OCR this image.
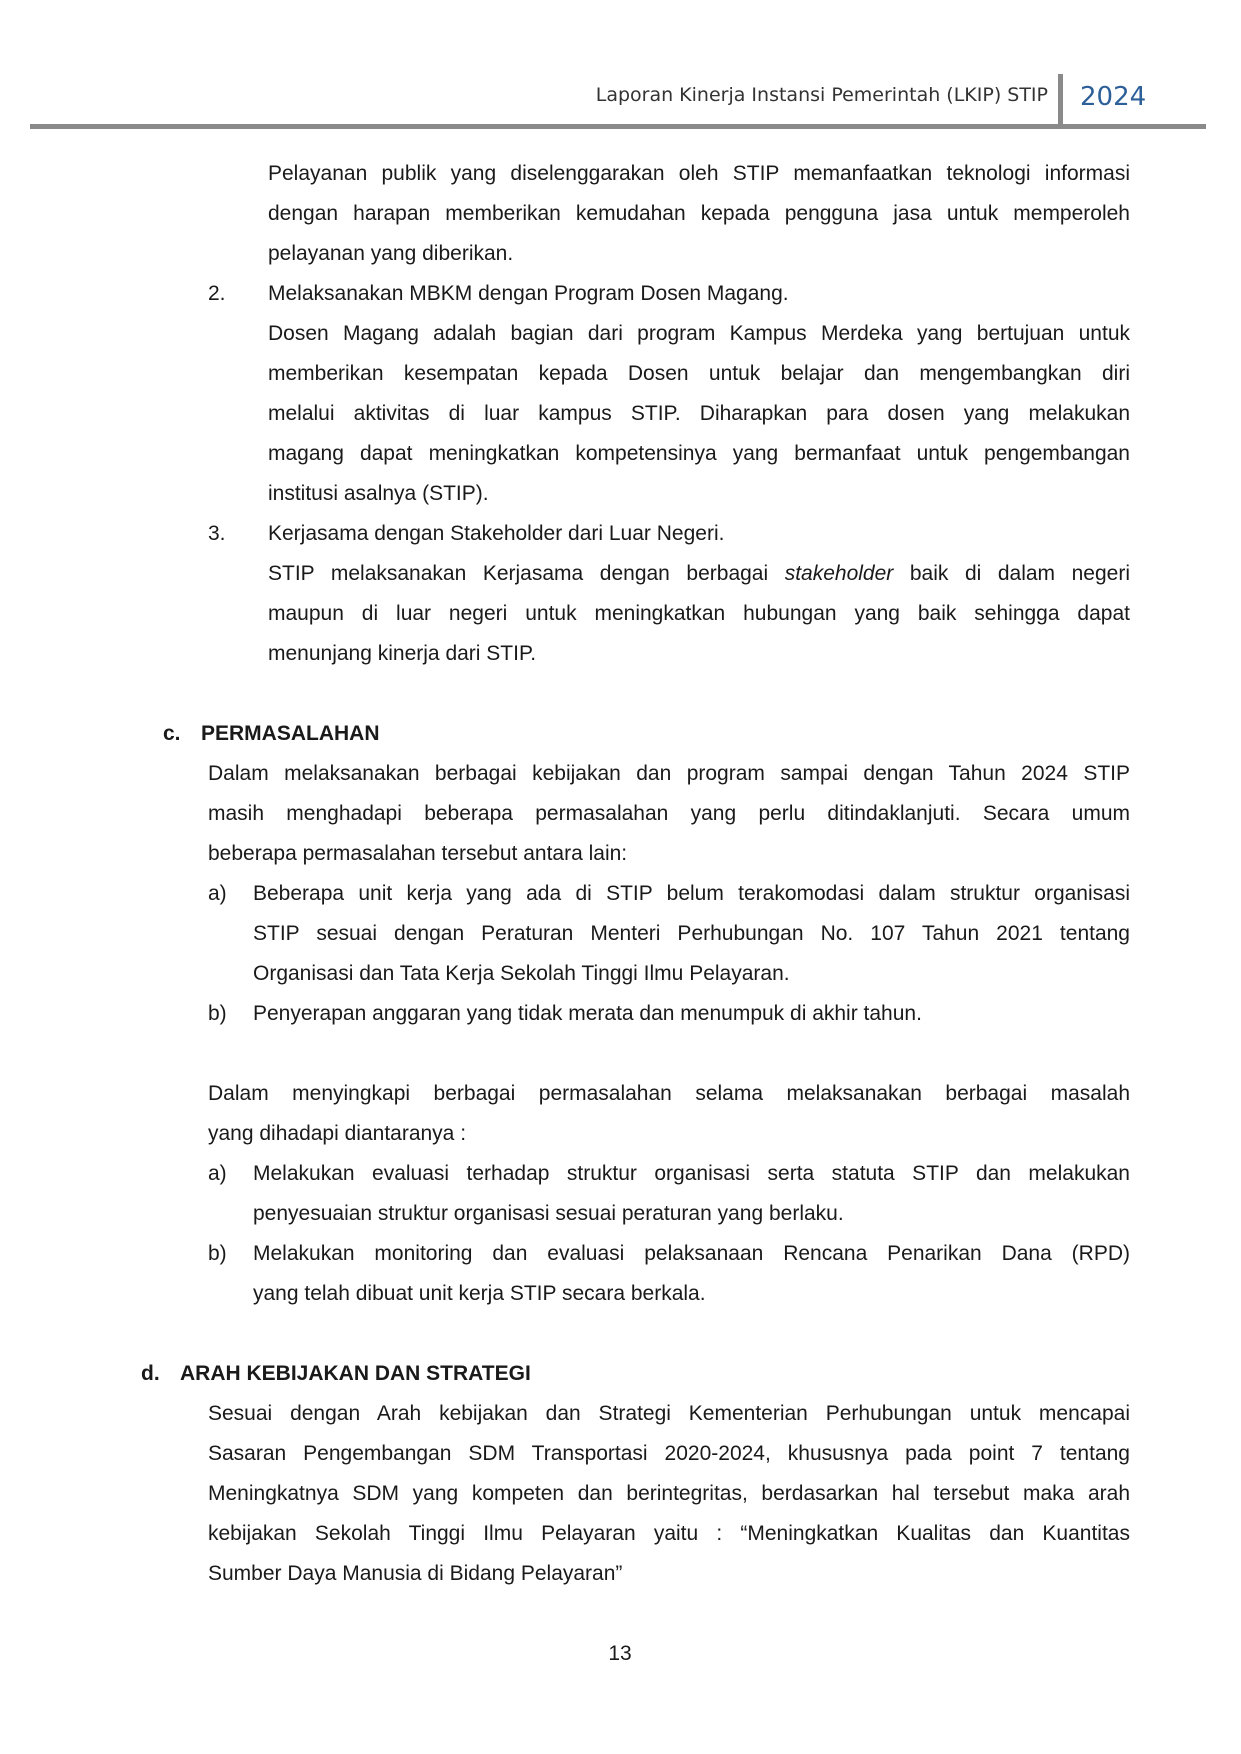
Laporan Kinerja Instansi Pemerintah (LKIP) STIP 2024
Pelayanan publik yang diselenggarakan oleh STIP memanfaatkan teknologi informasi
dengan harapan memberikan kemudahan kepada pengguna jasa untuk memperoleh
pelayanan yang diberikan.
2. Melaksanakan MBKM dengan Program Dosen Magang.
Dosen Magang adalah bagian dari program Kampus Merdeka yang bertujuan untuk
memberikan kesempatan kepada Dosen untuk belajar dan mengembangkan diri
melalui aktivitas di luar kampus STIP. Diharapkan para dosen yang melakukan
magang dapat meningkatkan kompetensinya yang bermanfaat untuk pengembangan
institusi asalnya (STIP).
3. Kerjasama dengan Stakeholder dari Luar Negeri.
STIP melaksanakan Kerjasama dengan berbagai stakeholder baik di dalam negeri
maupun di luar negeri untuk meningkatkan hubungan yang baik sehingga dapat
menunjang kinerja dari STIP.
c. PERMASALAHAN
Dalam melaksanakan berbagai kebijakan dan program sampai dengan Tahun 2024 STIP
masih menghadapi beberapa permasalahan yang perlu ditindaklanjuti. Secara umum
beberapa permasalahan tersebut antara lain:
a) Beberapa unit kerja yang ada di STIP belum terakomodasi dalam struktur organisasi
STIP sesuai dengan Peraturan Menteri Perhubungan No. 107 Tahun 2021 tentang
Organisasi dan Tata Kerja Sekolah Tinggi Ilmu Pelayaran.
b) Penyerapan anggaran yang tidak merata dan menumpuk di akhir tahun.
Dalam menyingkapi berbagai permasalahan selama melaksanakan berbagai masalah
yang dihadapi diantaranya :
a) Melakukan evaluasi terhadap struktur organisasi serta statuta STIP dan melakukan
penyesuaian struktur organisasi sesuai peraturan yang berlaku.
b) Melakukan monitoring dan evaluasi pelaksanaan Rencana Penarikan Dana (RPD)
yang telah dibuat unit kerja STIP secara berkala.
d. ARAH KEBIJAKAN DAN STRATEGI
Sesuai dengan Arah kebijakan dan Strategi Kementerian Perhubungan untuk mencapai
Sasaran Pengembangan SDM Transportasi 2020-2024, khususnya pada point 7 tentang
Meningkatnya SDM yang kompeten dan berintegritas, berdasarkan hal tersebut maka arah
kebijakan Sekolah Tinggi Ilmu Pelayaran yaitu : “Meningkatkan Kualitas dan Kuantitas
Sumber Daya Manusia di Bidang Pelayaran”
13
